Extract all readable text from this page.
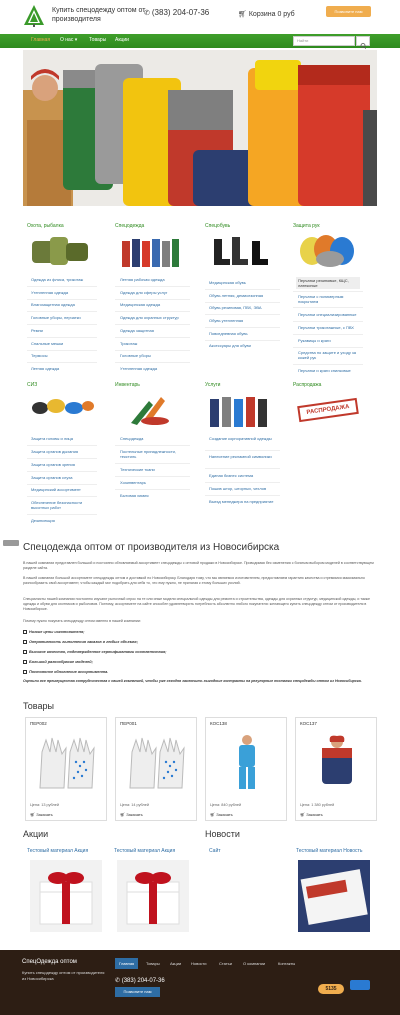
Купить спецодежду оптом от производителя
✆ (383) 204-07-36	🛒︎ Корзина 0 руб	Позвоните нам
Главная О нас ▾ Товары Акции	Найти
Охота, рыбалка
Одежда из флиса, трикотаж
Утепленная одежда
Влагозащитная одежда
Головные уборы, перчатки
Ремни
Спальные мешки
Термосы
Летняя одежда
Спецодежда
Летняя рабочая одежда
Одежда для сферы услуг
Медицинская одежда
Одежда для охранных структур
Одежда защитная
Трикотаж
Головные уборы
Утепленная одежда
Спецобувь
Медицинская обувь
Обувь летняя, демисезонная
Обувь резиновая, ПВХ, ЭВА
Обувь утепленная
Повседневная обувь
Аксессуары для обуви
Защита рук
Перчатки резиновые, КЩС, латексные
Перчатки с полимерным покрытием
Перчатки специализированные
Перчатки трикотажные, с ПВХ
Рукавицы и краги
Средства по защите и уходу за кожей рук
Перчатки и краги спилковые
СИЗ
Защита головы и лица
Защита органов дыхания
Защита органов зрения
Защита органов слуха
Медицинский ассортимент
Обеспечение безопасности высотных работ
Дезинсекция
Инвентарь
Спецодежда
Постельные принадлежности, текстиль
Технические ткани
Хозинвентарь
Бытовая химия
Услуги
Создание корпоративной одежды
Нанесение рекламной символики
Единая бизнес система
Пошив штор, шторных, чехлов
Выезд менеджера на предприятие
Распродажа
РАСПРОДАЖА
Спецодежда оптом от производителя из Новосибирска
В нашей компании представлен большой и постоянно обновляемый ассортимент спецодежды с оптовой продажи в Новосибирске. Проводимая бес изменения с богатым выбором моделей в соответствующем разделе сайта.
В нашей компании большой ассортимент спецодежды оптом и доставкой по Новосибирску. Благодаря тому, что мы являемся изготовителем, предоставляем гарантию качества и стремимся максимально разнообразить свой ассортимент, чтобы каждый мог подобрать для себя то, что ему нужно, не прилагая к этому больших усилий.
Специалисты нашей компании постоянно изучают рыночный спрос на те или иные модели специальной одежды для ремонта и строительства, одежды для охранных структур, медицинской одежды, и также одежды и обуви для охотников и рыболовов. Поэтому, ассортимент на сайте способен удовлетворить потребность абсолютно любого покупателя: желающего купить спецодежду оптом от производителя в Новосибирске.
Почему нужно покупать спецодежду оптом именно в нашей компании:
Низкие цены изготовителя;
Оперативность выполнения заказов в любых объемах;
Высокое качество, подтвержденное сертификатами соответствия;
Большой разнообразие моделей;
Постоянное обновление ассортимента.
Оценили все преимущества сотрудничества с нашей компанией, чтобы уже сегодня заключить выгодные контракты на регулярные поставки спецодежды оптом из Новосибирска.
Товары
ПЕР002
Цена: 13 рублей
🛒︎ Заказать
ПЕР001
Цена: 14 рублей
🛒︎ Заказать
КОС138
Цена: 840 рублей
🛒︎ Заказать
КОС137
Цена: 1 380 рублей
🛒︎ Заказать
Акции
Тестовый материал Акция	Тестовый материал Акция
Новости
Сайт	Тестовый материал Новость
СпецОдежда оптом
Купить спецодежду оптом от производителя из Новосибирска
Главная	Товары	Акции Новости	Статьи	О компании	Контакты
✆ (383) 204-07-36
Позвоните нам	5135
